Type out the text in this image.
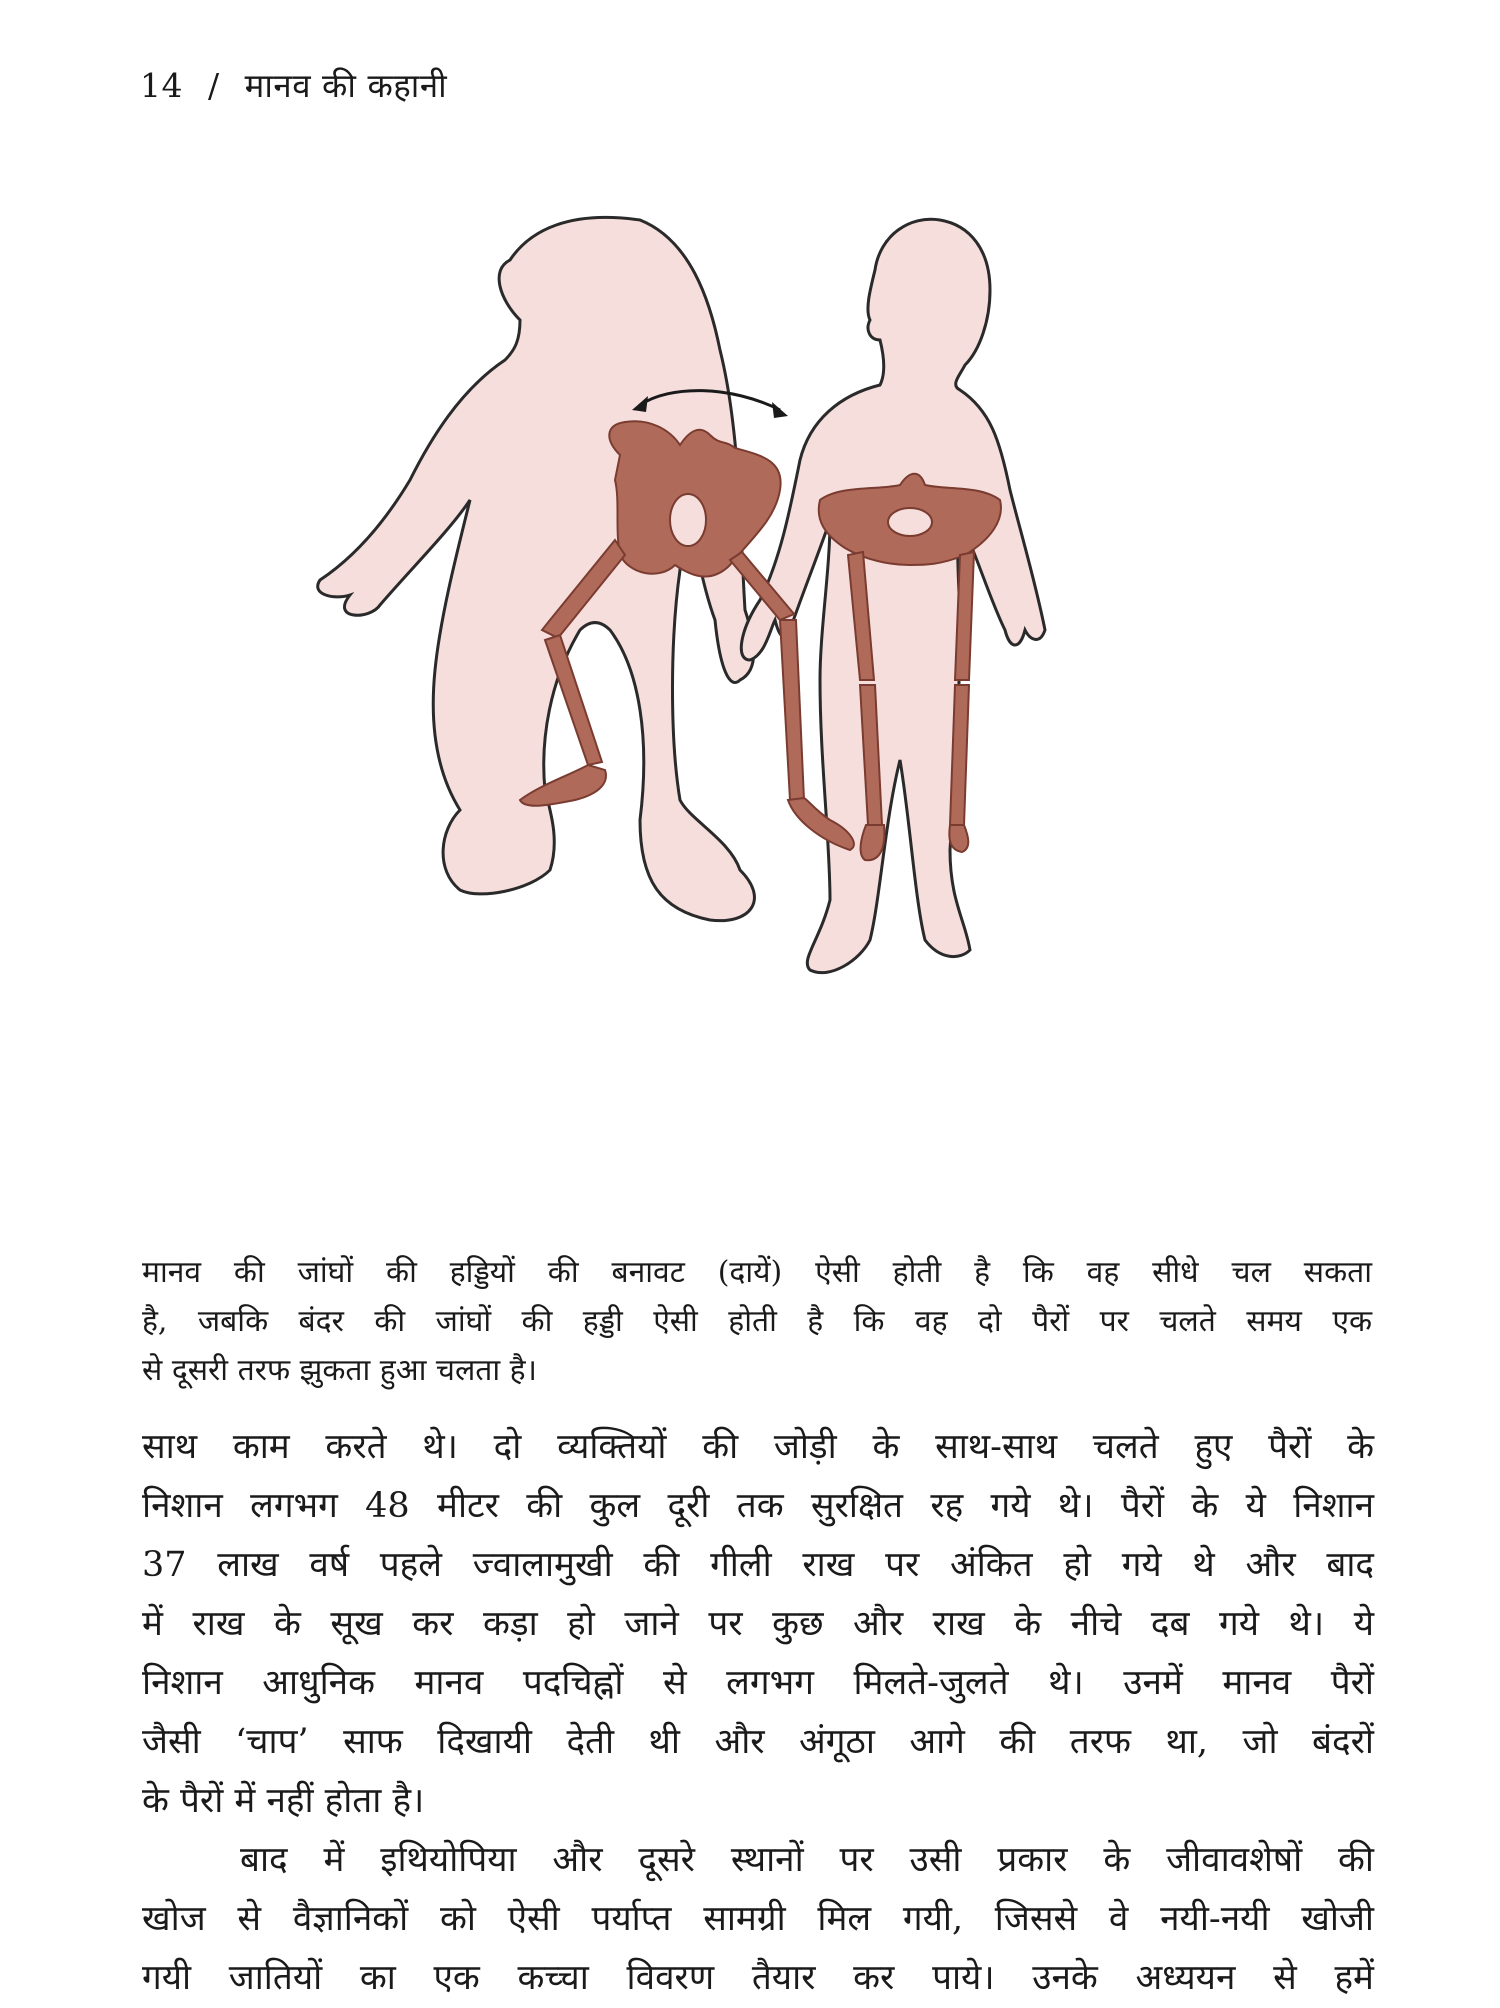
14 / मानव की कहानी
मानव की जांघों की हड्डियों की बनावट (दायें) ऐसी होती है कि वह सीधे चल सकता
है, जबकि बंदर की जांघों की हड्डी ऐसी होती है कि वह दो पैरों पर चलते समय एक
से दूसरी तरफ झुकता हुआ चलता है।
साथ काम करते थे। दो व्यक्तियों की जोड़ी के साथ-साथ चलते हुए पैरों के
निशान लगभग 48 मीटर की कुल दूरी तक सुरक्षित रह गये थे। पैरों के ये निशान
37 लाख वर्ष पहले ज्वालामुखी की गीली राख पर अंकित हो गये थे और बाद
में राख के सूख कर कड़ा हो जाने पर कुछ और राख के नीचे दब गये थे। ये
निशान आधुनिक मानव पदचिह्नों से लगभग मिलते-जुलते थे। उनमें मानव पैरों
जैसी ‘चाप’ साफ दिखायी देती थी और अंगूठा आगे की तरफ था, जो बंदरों
के पैरों में नहीं होता है।
बाद में इथियोपिया और दूसरे स्थानों पर उसी प्रकार के जीवावशेषों की
खोज से वैज्ञानिकों को ऐसी पर्याप्त सामग्री मिल गयी, जिससे वे नयी-नयी खोजी
गयी जातियों का एक कच्चा विवरण तैयार कर पाये। उनके अध्ययन से हमें
